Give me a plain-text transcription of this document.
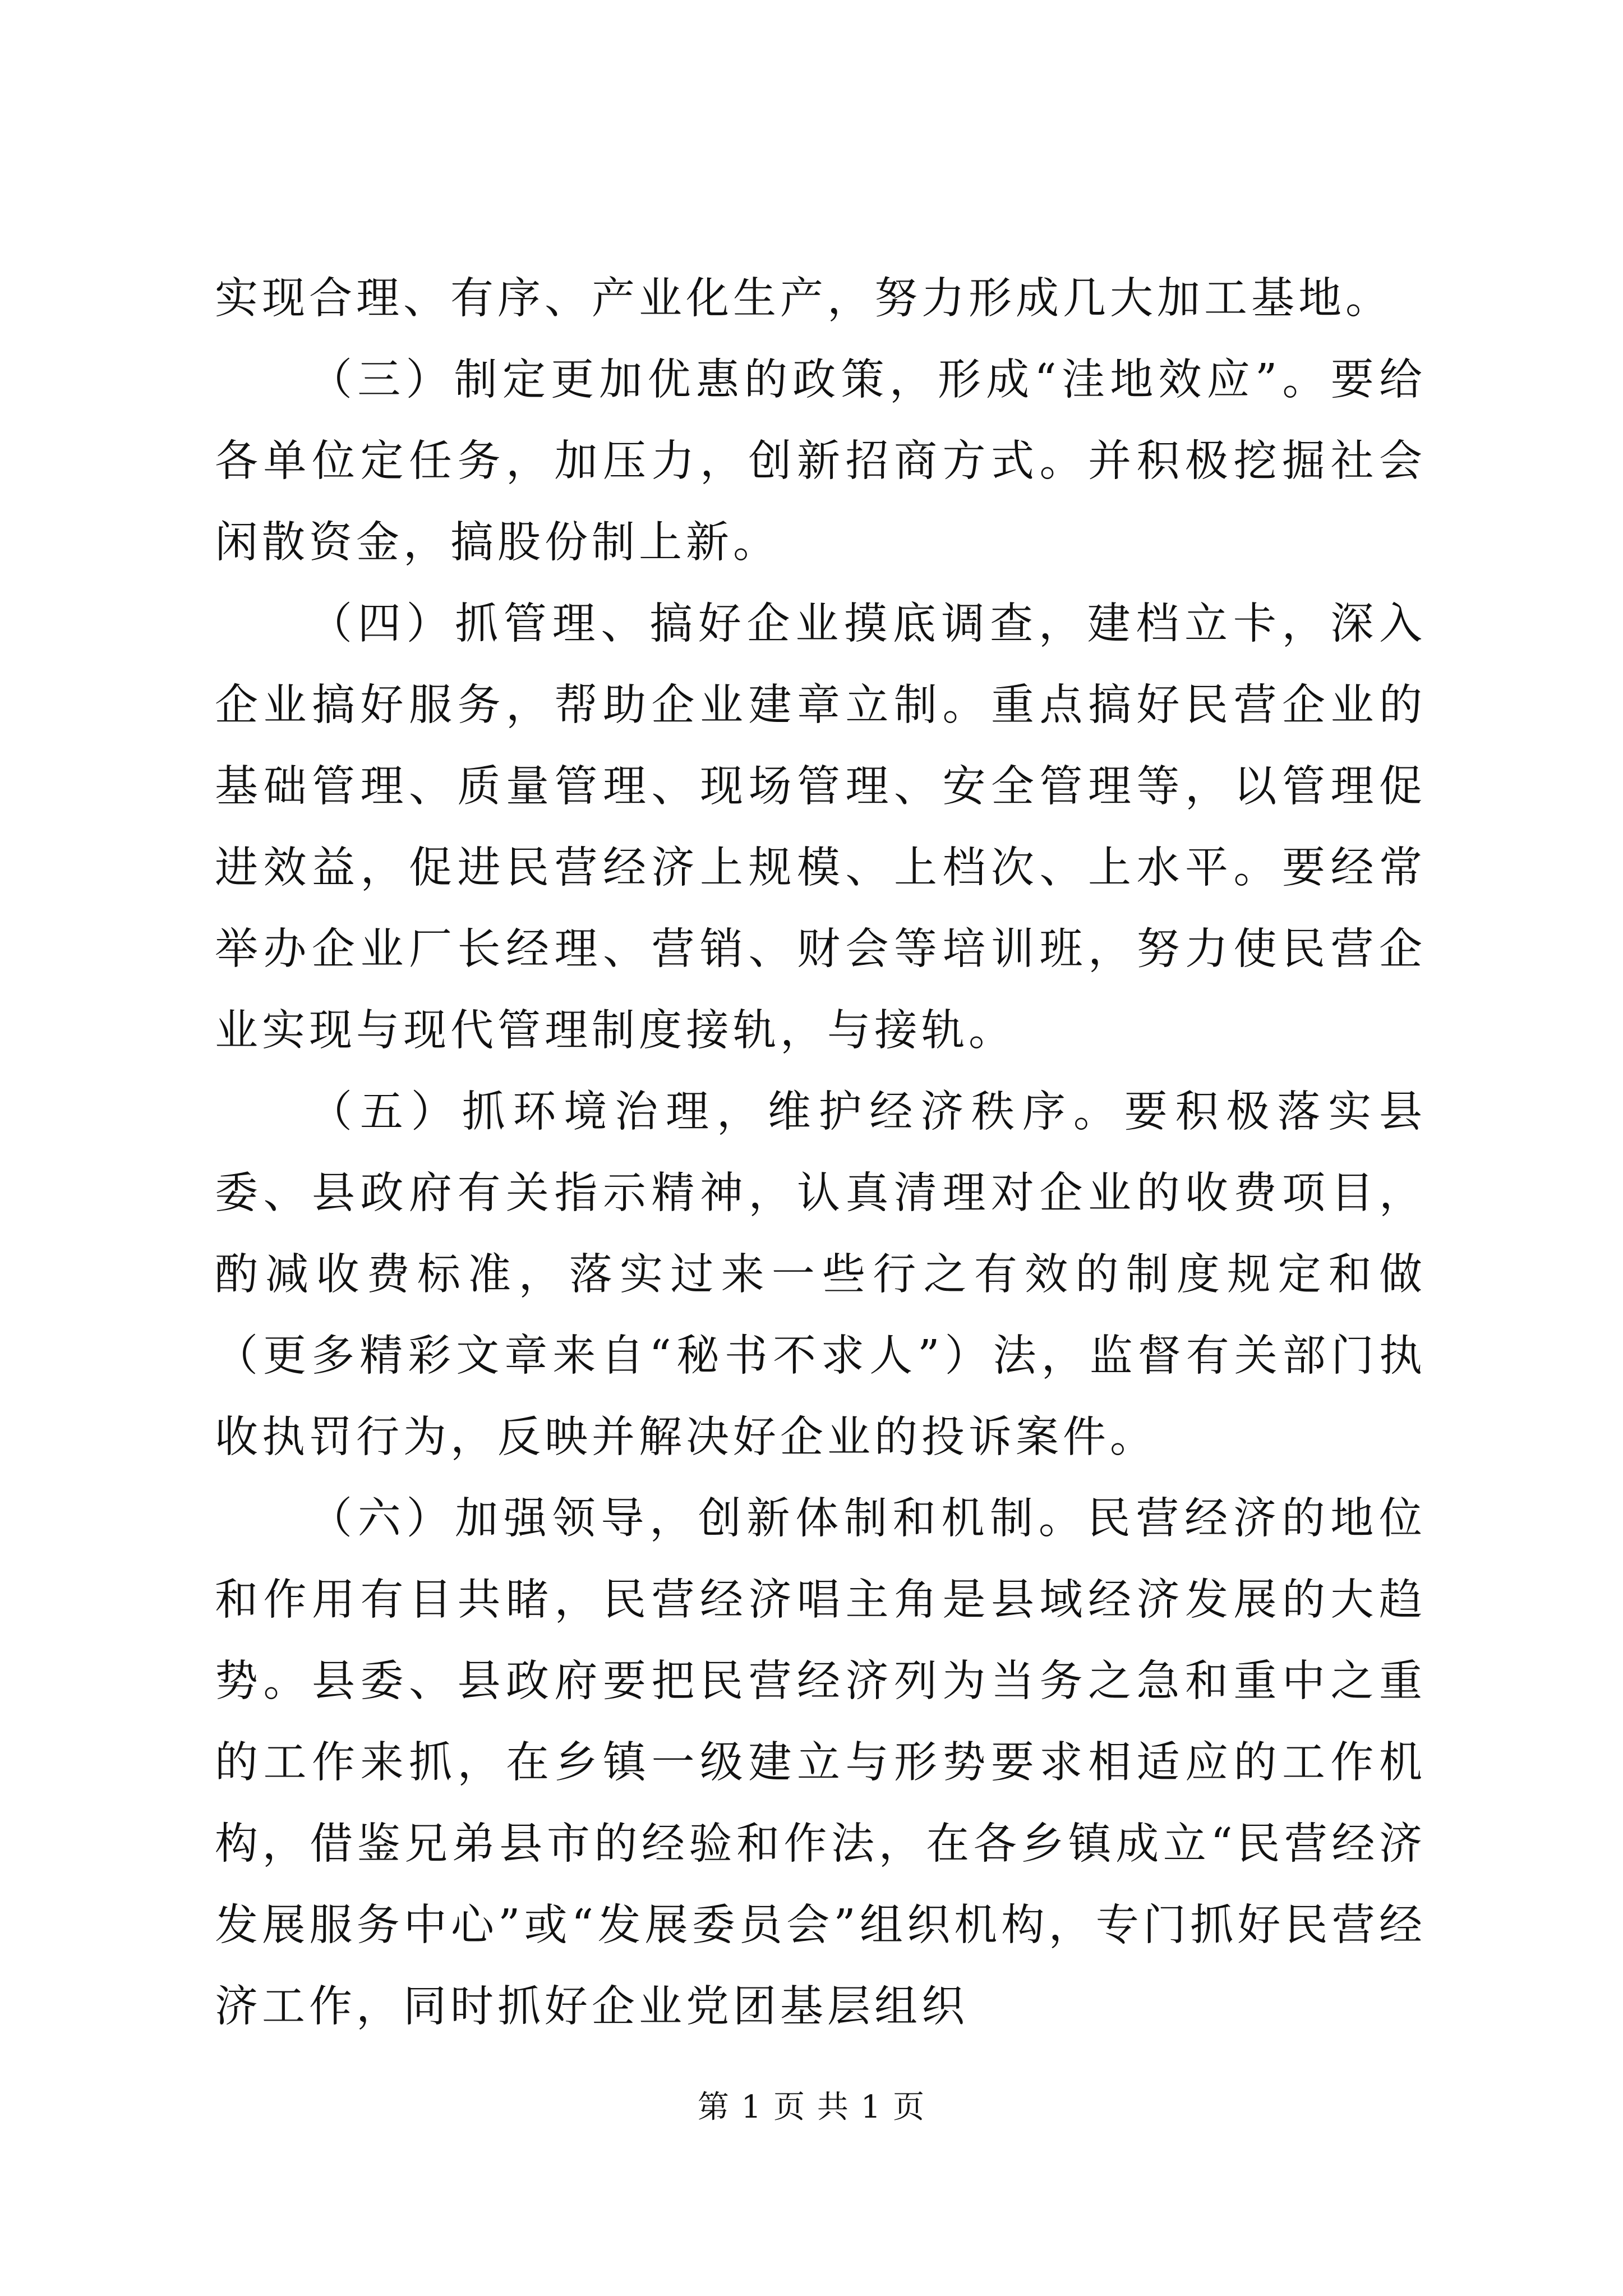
实现合理、有序、产业化生产，努力形成几大加工基地。

（三）制定更加优惠的政策，形成“洼地效应”。要给各单位定任务，加压力，创新招商方式。并积极挖掘社会闲散资金，搞股份制上新。

（四）抓管理、搞好企业摸底调查，建档立卡，深入企业搞好服务，帮助企业建章立制。重点搞好民营企业的基础管理、质量管理、现场管理、安全管理等，以管理促进效益，促进民营经济上规模、上档次、上水平。要经常举办企业厂长经理、营销、财会等培训班，努力使民营企业实现与现代管理制度接轨，与接轨。

（五）抓环境治理，维护经济秩序。要积极落实县委、县政府有关指示精神，认真清理对企业的收费项目，酌减收费标准，落实过来一些行之有效的制度规定和做（更多精彩文章来自“秘书不求人”）法，监督有关部门执收执罚行为，反映并解决好企业的投诉案件。

（六）加强领导，创新体制和机制。民营经济的地位和作用有目共睹，民营经济唱主角是县域经济发展的大趋势。县委、县政府要把民营经济列为当务之急和重中之重的工作来抓，在乡镇一级建立与形势要求相适应的工作机构，借鉴兄弟县市的经验和作法，在各乡镇成立“民营经济发展服务中心”或“发展委员会”组织机构，专门抓好民营经济工作，同时抓好企业党团基层组织

第 1 页 共 1 页
